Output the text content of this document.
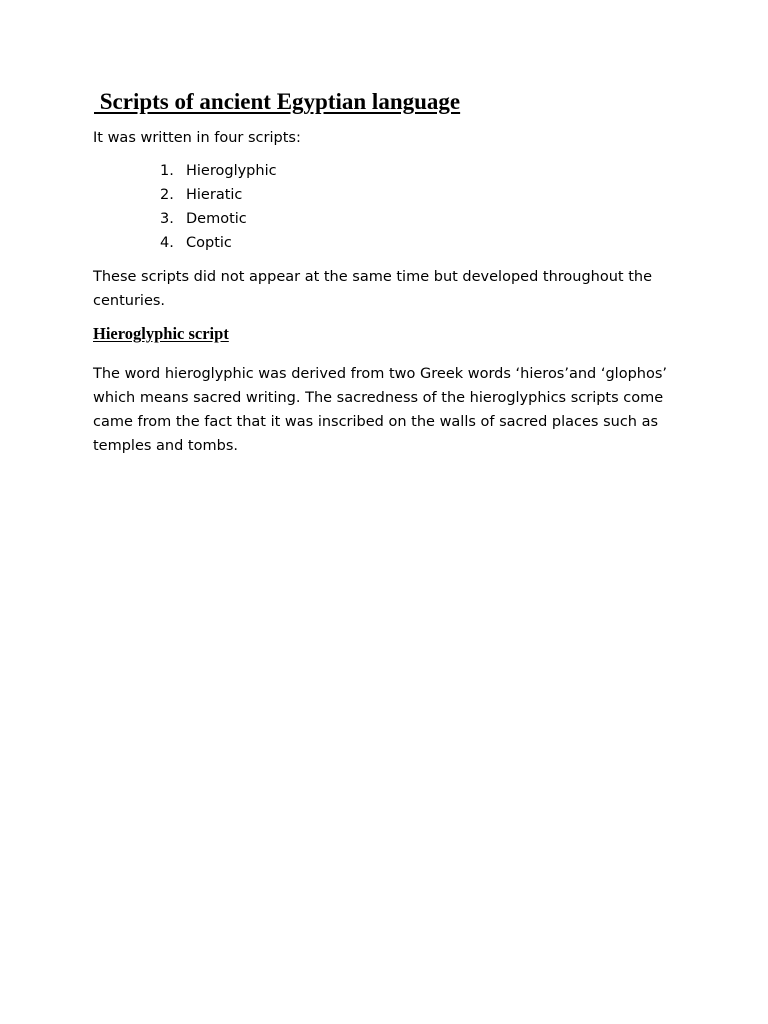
Scripts of ancient Egyptian language

It was written in four scripts:

1. Hieroglyphic
2. Hieratic
3. Demotic
4. Coptic

These scripts did not appear at the same time but developed throughout the centuries.

Hieroglyphic script

The word hieroglyphic was derived from two Greek words ‘hieros’and ‘glophos’ which means sacred writing. The sacredness of the hieroglyphics scripts come came from the fact that it was inscribed on the walls of sacred places such as temples and tombs.
